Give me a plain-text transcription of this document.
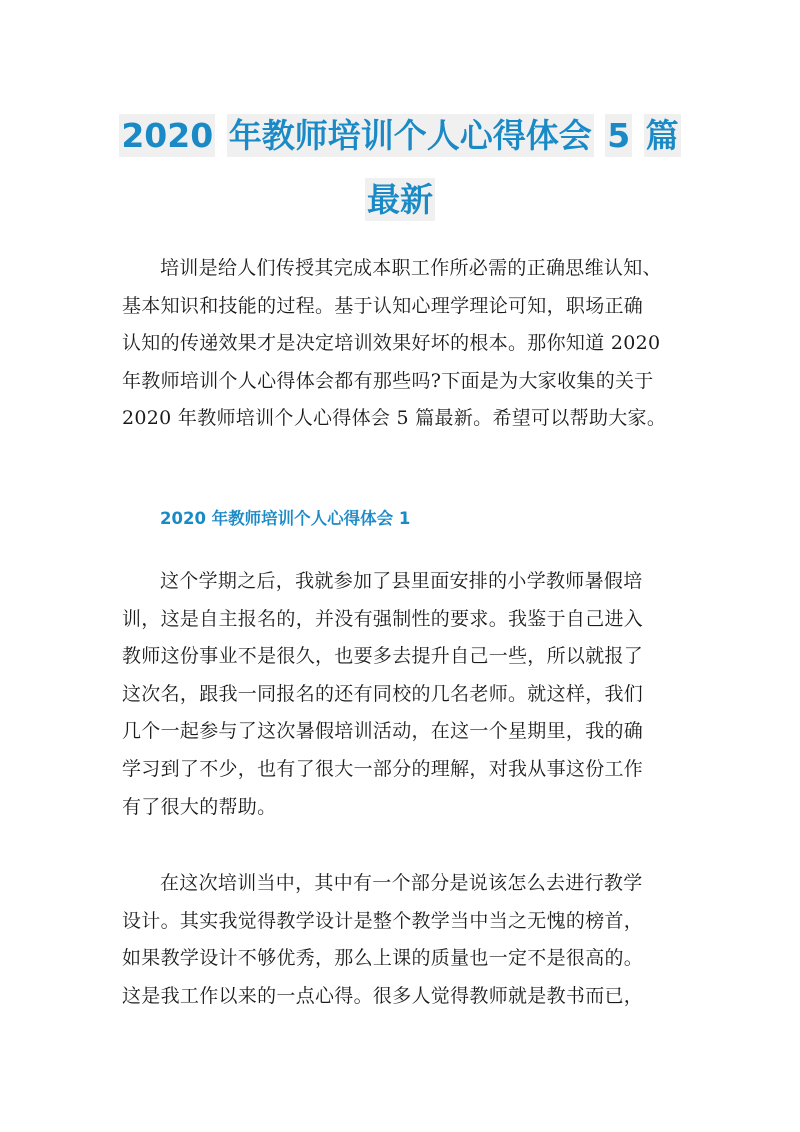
2020 年教师培训个人心得体会 5 篇
最新

培训是给人们传授其完成本职工作所必需的正确思维认知、
基本知识和技能的过程。基于认知心理学理论可知，职场正确
认知的传递效果才是决定培训效果好坏的根本。那你知道 2020
年教师培训个人心得体会都有那些吗?下面是为大家收集的关于
2020 年教师培训个人心得体会 5 篇最新。希望可以帮助大家。

2020 年教师培训个人心得体会 1

这个学期之后，我就参加了县里面安排的小学教师暑假培
训，这是自主报名的，并没有强制性的要求。我鉴于自己进入
教师这份事业不是很久，也要多去提升自己一些，所以就报了
这次名，跟我一同报名的还有同校的几名老师。就这样，我们
几个一起参与了这次暑假培训活动，在这一个星期里，我的确
学习到了不少，也有了很大一部分的理解，对我从事这份工作
有了很大的帮助。

在这次培训当中，其中有一个部分是说该怎么去进行教学
设计。其实我觉得教学设计是整个教学当中当之无愧的榜首，
如果教学设计不够优秀，那么上课的质量也一定不是很高的。
这是我工作以来的一点心得。很多人觉得教师就是教书而已，
